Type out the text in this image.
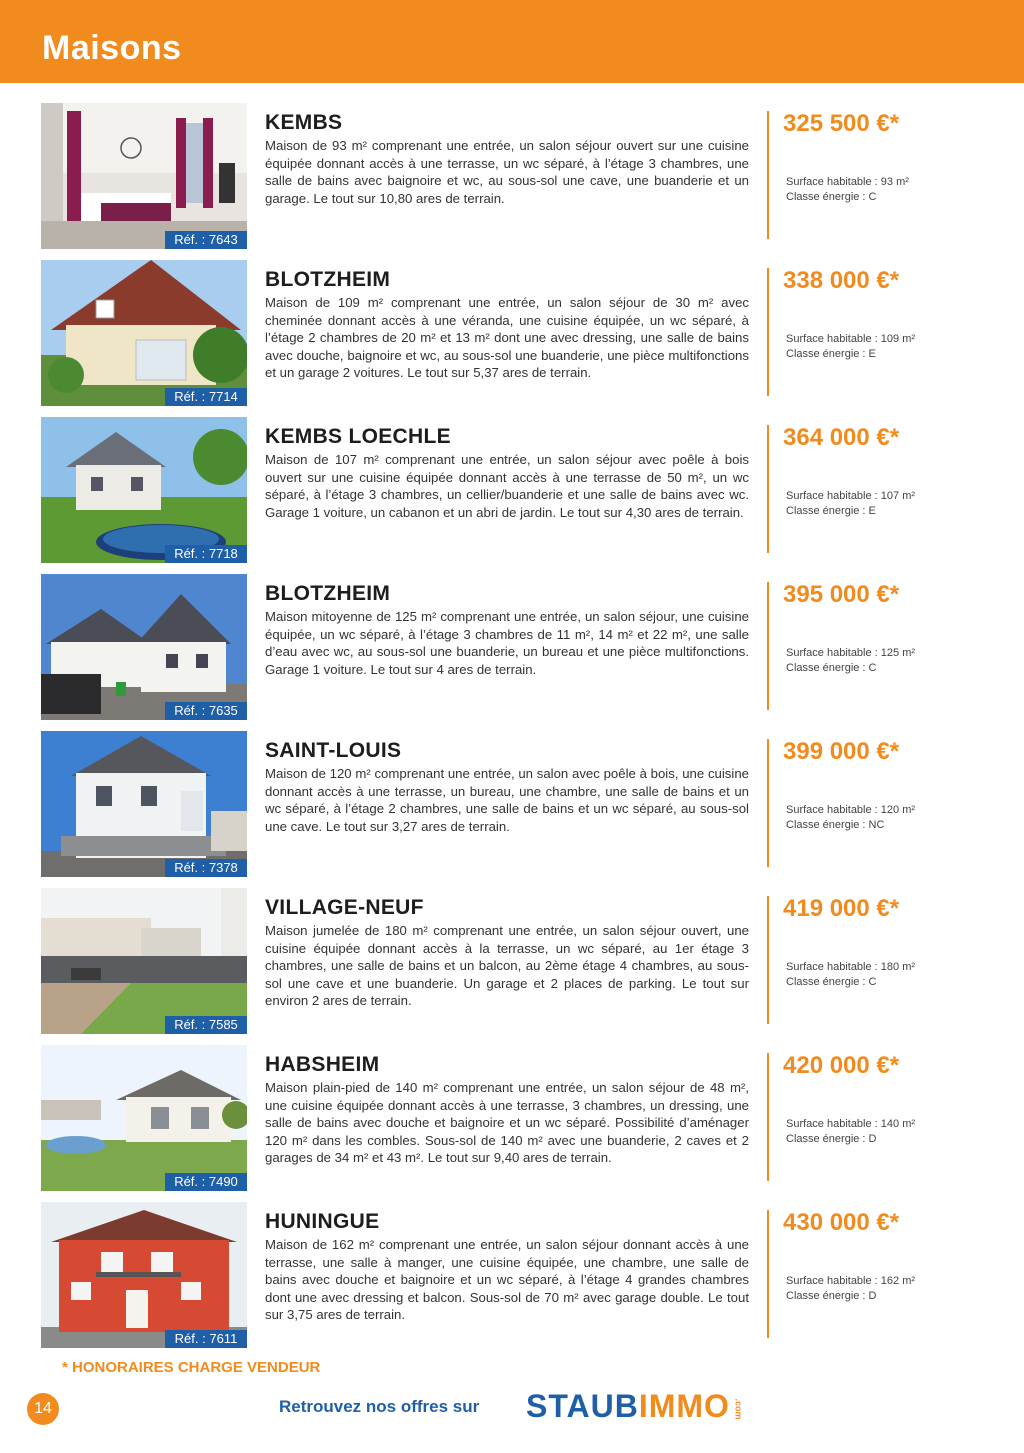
Maisons
Réf. : 7643
KEMBS
Maison de 93 m² comprenant une entrée, un salon séjour ouvert sur une cuisine équipée donnant accès à une terrasse, un wc séparé, à l’étage 3 chambres, une salle de bains avec baignoire et wc, au sous-sol une cave, une buanderie et un garage. Le tout sur 10,80 ares de terrain.
325 500 €*
Surface habitable : 93 m²
Classe énergie : C
Réf. : 7714
BLOTZHEIM
Maison de 109 m² comprenant une entrée, un salon séjour de 30 m² avec cheminée donnant accès à une véranda, une cuisine équipée, un wc séparé, à l’étage 2 chambres de 20 m² et 13 m² dont une avec dressing, une salle de bains avec douche, baignoire et wc, au sous-sol une buanderie, une pièce multifonctions et un garage 2 voitures. Le tout sur 5,37 ares de terrain.
338 000 €*
Surface habitable : 109 m²
Classe énergie : E
Réf. : 7718
KEMBS LOECHLE
Maison de 107 m² comprenant une entrée, un salon séjour avec poêle à bois ouvert sur une cuisine équipée donnant accès à une terrasse de 50 m², un wc séparé, à l’étage 3 chambres, un cellier/buanderie et une salle de bains avec wc. Garage 1 voiture, un cabanon et un abri de jardin. Le tout sur 4,30 ares de terrain.
364 000 €*
Surface habitable : 107 m²
Classe énergie : E
Réf. : 7635
BLOTZHEIM
Maison mitoyenne de 125 m² comprenant une entrée, un salon séjour, une cuisine équipée, un wc séparé, à l’étage 3 chambres de 11 m², 14 m² et 22 m², une salle d’eau avec wc, au sous-sol une buanderie, un bureau et une pièce multifonctions. Garage 1 voiture. Le tout sur 4 ares de terrain.
395 000 €*
Surface habitable : 125 m²
Classe énergie : C
Réf. : 7378
SAINT-LOUIS
Maison de 120 m² comprenant une entrée, un salon avec poêle à bois, une cuisine donnant accès à une terrasse, un bureau, une chambre, une salle de bains et un wc séparé, à l’étage 2 chambres, une salle de bains et un wc séparé, au sous-sol une cave. Le tout sur 3,27 ares de terrain.
399 000 €*
Surface habitable : 120 m²
Classe énergie : NC
Réf. : 7585
VILLAGE-NEUF
Maison jumelée de 180 m² comprenant une entrée, un salon séjour ouvert, une cuisine équipée donnant accès à la terrasse, un wc séparé, au 1er étage 3 chambres, une salle de bains et un balcon, au 2ème étage 4 chambres, au sous-sol une cave et une buanderie. Un garage et 2 places de parking. Le tout sur environ 2 ares de terrain.
419 000 €*
Surface habitable : 180 m²
Classe énergie : C
Réf. : 7490
HABSHEIM
Maison plain-pied de 140 m² comprenant une entrée, un salon séjour de 48 m², une cuisine équipée donnant accès à une terrasse, 3 chambres, un dressing, une salle de bains avec douche et baignoire et un wc séparé. Possibilité d’aménager 120 m² dans les combles. Sous-sol de 140 m² avec une buanderie, 2 caves et 2 garages de 34 m² et 43 m². Le tout sur 9,40 ares de terrain.
420 000 €*
Surface habitable : 140 m²
Classe énergie : D
Réf. : 7611
HUNINGUE
Maison de 162 m² comprenant une entrée, un salon séjour donnant accès à une terrasse, une salle à manger, une cuisine équipée, une chambre, une salle de bains avec douche et baignoire et un wc séparé, à l’étage 4 grandes chambres dont une avec dressing et balcon. Sous-sol de 70 m² avec garage double. Le tout sur 3,75 ares de terrain.
430 000 €*
Surface habitable : 162 m²
Classe énergie : D
* HONORAIRES CHARGE VENDEUR
14	Retrouvez nos offres sur STAUBIMMO .com
